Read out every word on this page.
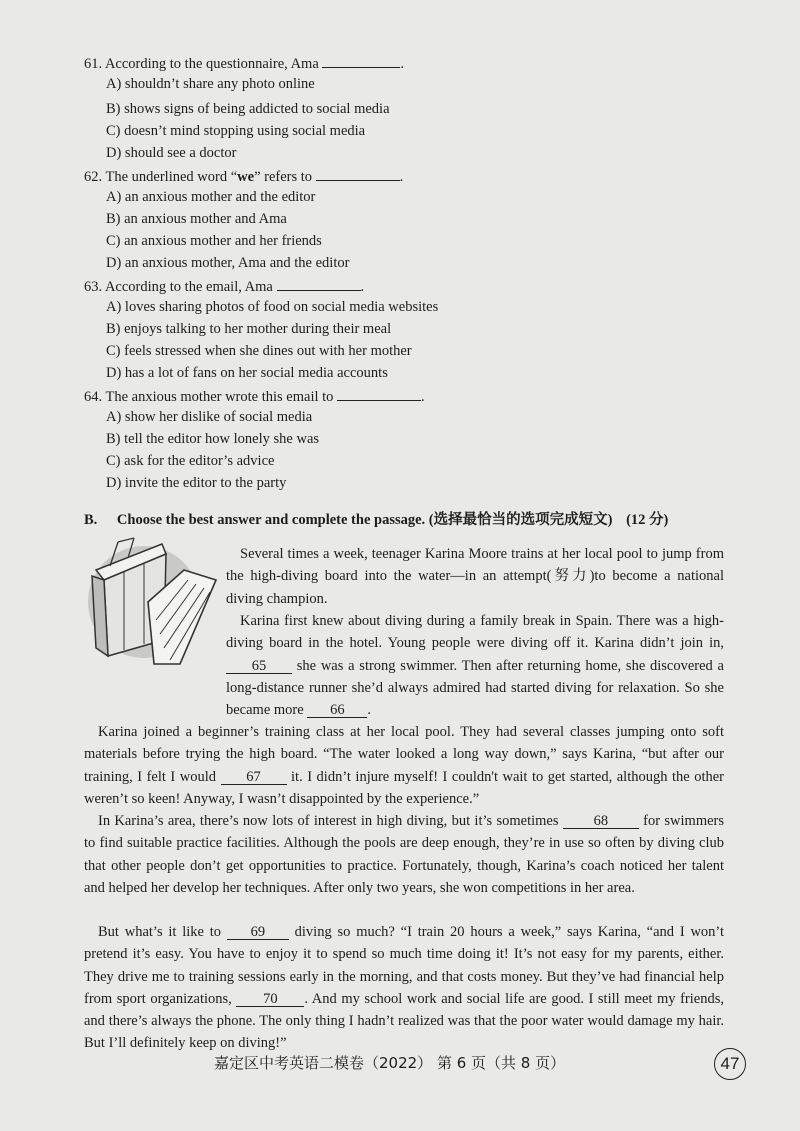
61. According to the questionnaire, Ama	.
A) shouldn’t share any photo online
B) shows signs of being addicted to social media
C) doesn’t mind stopping using social media
D) should see a doctor
62. The underlined word “we” refers to	.
A) an anxious mother and the editor
B) an anxious mother and Ama
C) an anxious mother and her friends
D) an anxious mother, Ama and the editor
63. According to the email, Ama	.
A) loves sharing photos of food on social media websites
B) enjoys talking to her mother during their meal
C) feels stressed when she dines out with her mother
D) has a lot of fans on her social media accounts
64. The anxious mother wrote this email to	.
A) show her dislike of social media
B) tell the editor how lonely she was
C) ask for the editor’s advice
D) invite the editor to the party
B. Choose the best answer and complete the passage. (选择最恰当的选项完成短文) (12 分)
Several times a week, teenager Karina Moore trains at her local pool to jump from the high-diving board into the water—in an attempt(努力)to become a national diving champion.
Karina first knew about diving during a family break in Spain. There was a high-diving board in the hotel. Young people were diving off it. Karina didn’t join in, 65 she was a strong swimmer. Then after returning home, she discovered a long-distance runner she’d always admired had started diving for relaxation. So she became more 66 .
Karina joined a beginner’s training class at her local pool. They had several classes jumping onto soft materials before trying the high board. “The water looked a long way down,” says Karina, “but after our training, I felt I would 67 it. I didn’t injure myself! I couldn't wait to get started, although the other weren’t so keen! Anyway, I wasn’t disappointed by the experience.”
In Karina’s area, there’s now lots of interest in high diving, but it’s sometimes 68 for swimmers to find suitable practice facilities. Although the pools are deep enough, they’re in use so often by diving club that other people don’t get opportunities to practice. Fortunately, though, Karina’s coach noticed her talent and helped her develop her techniques. After only two years, she won competitions in her area.
But what’s it like to 69 diving so much? “I train 20 hours a week,” says Karina, “and I won’t pretend it’s easy. You have to enjoy it to spend so much time doing it! It’s not easy for my parents, either. They drive me to training sessions early in the morning, and that costs money. But they’ve had financial help from sport organizations, 70 . And my school work and social life are good. I still meet my friends, and there’s always the phone. The only thing I hadn’t realized was that the poor water would damage my hair. But I’ll definitely keep on diving!”
嘉定区中考英语二模卷（2022） 第 6 页（共 8 页）	47
